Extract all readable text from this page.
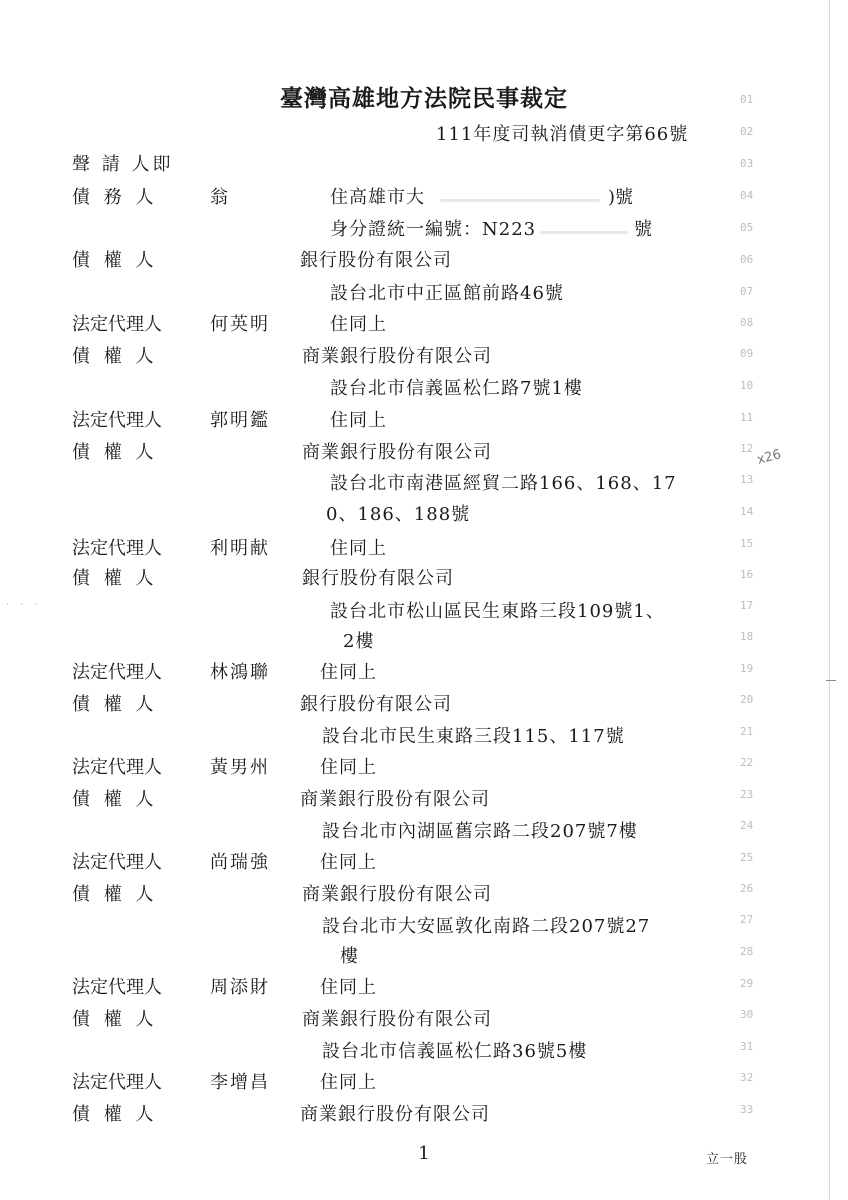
臺灣高雄地方法院民事裁定
111年度司執消債更字第66號
聲 請 人即
債 務 人	翁	住高雄市大	)號
身分證統一編號：N223	號
債 權 人	銀行股份有限公司
設台北市中正區館前路46號
法定代理人	何英明	住同上
債 權 人	商業銀行股份有限公司
設台北市信義區松仁路7號1樓
法定代理人	郭明鑑	住同上
債 權 人	商業銀行股份有限公司
設台北市南港區經貿二路166、168、17
0、186、188號
法定代理人	利明献	住同上
債 權 人	銀行股份有限公司
設台北市松山區民生東路三段109號1、
2樓
法定代理人	林鴻聯	住同上
債 權 人	銀行股份有限公司
設台北市民生東路三段115、117號
法定代理人	黃男州	住同上
債 權 人	商業銀行股份有限公司
設台北市內湖區舊宗路二段207號7樓
法定代理人	尚瑞強	住同上
債 權 人	商業銀行股份有限公司
設台北市大安區敦化南路二段207號27
樓
法定代理人	周添財	住同上
債 權 人	商業銀行股份有限公司
設台北市信義區松仁路36號5樓
法定代理人	李增昌	住同上
債 權 人	商業銀行股份有限公司
01
02
03
04
05
06
07
08
09
10
11
12
13
14
15
16
17
18
19
20
21
22
23
24
25
26
27
28
29
30
31
32
33
1	立一股
x26
· · ·
